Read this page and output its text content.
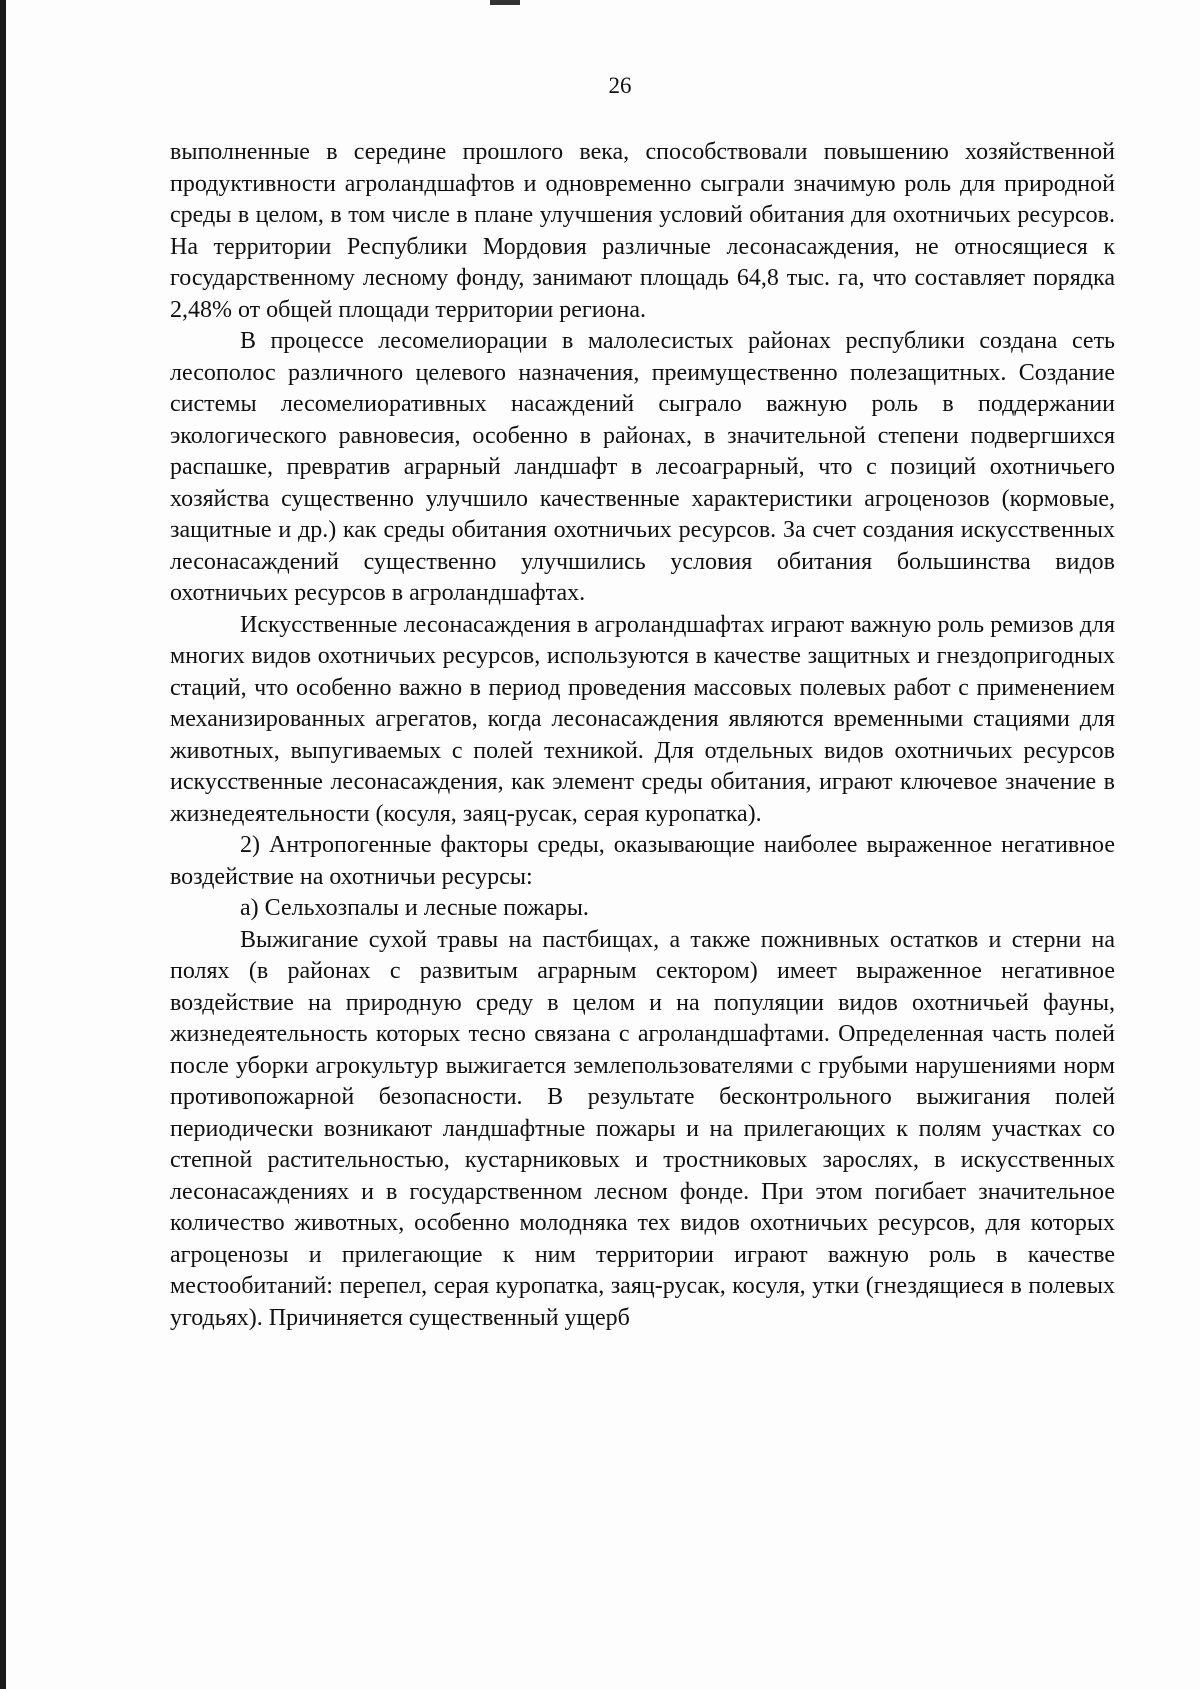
26

выполненные в середине прошлого века, способствовали повышению хозяйственной продуктивности агроландшафтов и одновременно сыграли значимую роль для природной среды в целом, в том числе в плане улучшения условий обитания для охотничьих ресурсов. На территории Республики Мордовия различные лесонасаждения, не относящиеся к государственному лесному фонду, занимают площадь 64,8 тыс. га, что составляет порядка 2,48% от общей площади территории региона.

В процессе лесомелиорации в малолесистых районах республики создана сеть лесополос различного целевого назначения, преимущественно полезащитных. Создание системы лесомелиоративных насаждений сыграло важную роль в поддержании экологического равновесия, особенно в районах, в значительной степени подвергшихся распашке, превратив аграрный ландшафт в лесоаграрный, что с позиций охотничьего хозяйства существенно улучшило качественные характеристики агроценозов (кормовые, защитные и др.) как среды обитания охотничьих ресурсов. За счет создания искусственных лесонасаждений существенно улучшились условия обитания большинства видов охотничьих ресурсов в агроландшафтах.

Искусственные лесонасаждения в агроландшафтах играют важную роль ремизов для многих видов охотничьих ресурсов, используются в качестве защитных и гнездопригодных стаций, что особенно важно в период проведения массовых полевых работ с применением механизированных агрегатов, когда лесонасаждения являются временными стациями для животных, выпугиваемых с полей техникой. Для отдельных видов охотничьих ресурсов искусственные лесонасаждения, как элемент среды обитания, играют ключевое значение в жизнедеятельности (косуля, заяц-русак, серая куропатка).

2) Антропогенные факторы среды, оказывающие наиболее выраженное негативное воздействие на охотничьи ресурсы:

а) Сельхозпалы и лесные пожары.

Выжигание сухой травы на пастбищах, а также пожнивных остатков и стерни на полях (в районах с развитым аграрным сектором) имеет выраженное негативное воздействие на природную среду в целом и на популяции видов охотничьей фауны, жизнедеятельность которых тесно связана с агроландшафтами. Определенная часть полей после уборки агрокультур выжигается землепользователями с грубыми нарушениями норм противопожарной безопасности. В результате бесконтрольного выжигания полей периодически возникают ландшафтные пожары и на прилегающих к полям участках со степной растительностью, кустарниковых и тростниковых зарослях, в искусственных лесонасаждениях и в государственном лесном фонде. При этом погибает значительное количество животных, особенно молодняка тех видов охотничьих ресурсов, для которых агроценозы и прилегающие к ним территории играют важную роль в качестве местообитаний: перепел, серая куропатка, заяц-русак, косуля, утки (гнездящиеся в полевых угодьях). Причиняется существенный ущерб
